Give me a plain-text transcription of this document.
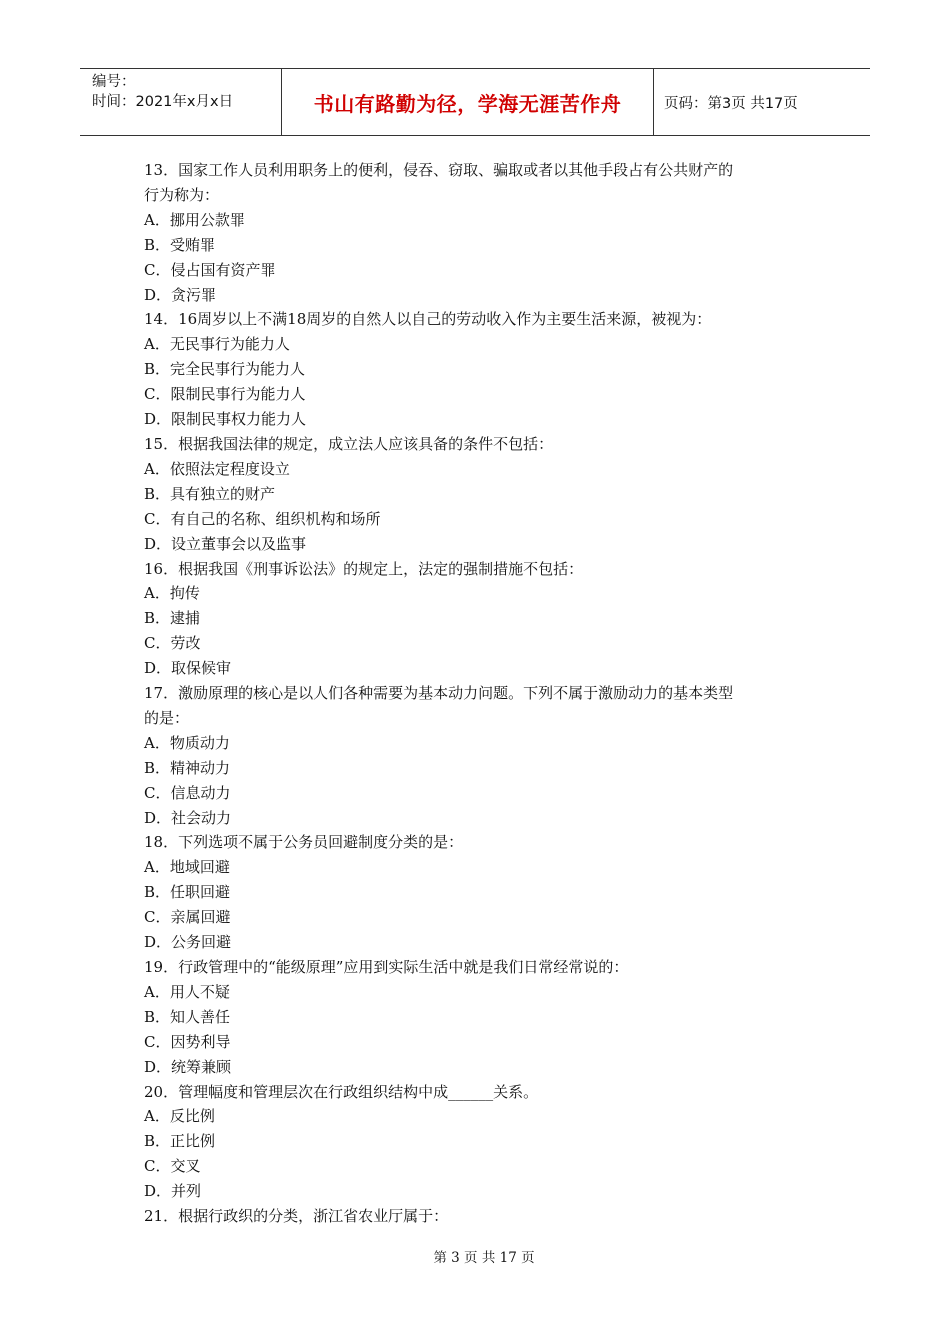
编号：
时间：2021年x月x日	书山有路勤为径，学海无涯苦作舟	页码：第3页 共17页

13．国家工作人员利用职务上的便利，侵吞、窃取、骗取或者以其他手段占有公共财产的

行为称为：

A．挪用公款罪

B．受贿罪

C．侵占国有资产罪

D．贪污罪

14．16周岁以上不满18周岁的自然人以自己的劳动收入作为主要生活来源，被视为：

A．无民事行为能力人

B．完全民事行为能力人

C．限制民事行为能力人

D．限制民事权力能力人

15．根据我国法律的规定，成立法人应该具备的条件不包括：

A．依照法定程度设立

B．具有独立的财产

C．有自己的名称、组织机构和场所

D．设立董事会以及监事

16．根据我国《刑事诉讼法》的规定上，法定的强制措施不包括：

A．拘传

B．逮捕

C．劳改

D．取保候审

17．激励原理的核心是以人们各种需要为基本动力问题。下列不属于激励动力的基本类型

的是：

A．物质动力

B．精神动力

C．信息动力

D．社会动力

18．下列选项不属于公务员回避制度分类的是：

A．地域回避

B．任职回避

C．亲属回避

D．公务回避

19．行政管理中的“能级原理”应用到实际生活中就是我们日常经常说的：

A．用人不疑

B．知人善任

C．因势利导

D．统筹兼顾

20．管理幅度和管理层次在行政组织结构中成______关系。

A．反比例

B．正比例

C．交叉

D．并列

21．根据行政织的分类，浙江省农业厅属于：

第 3 页 共 17 页
